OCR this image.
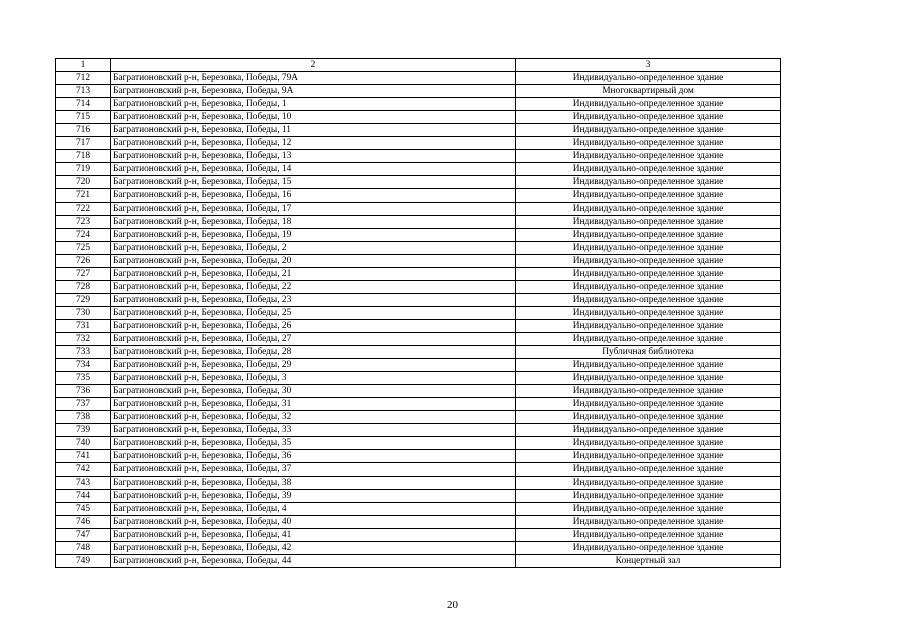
1	2	3
712	Багратионовский р-н, Березовка, Победы, 79А	Индивидуально-определенное здание
713	Багратионовский р-н, Березовка, Победы, 9А	Многоквартирный дом
714	Багратионовский р-н, Березовка, Победы, 1	Индивидуально-определенное здание
715	Багратионовский р-н, Березовка, Победы, 10	Индивидуально-определенное здание
716	Багратионовский р-н, Березовка, Победы, 11	Индивидуально-определенное здание
717	Багратионовский р-н, Березовка, Победы, 12	Индивидуально-определенное здание
718	Багратионовский р-н, Березовка, Победы, 13	Индивидуально-определенное здание
719	Багратионовский р-н, Березовка, Победы, 14	Индивидуально-определенное здание
720	Багратионовский р-н, Березовка, Победы, 15	Индивидуально-определенное здание
721	Багратионовский р-н, Березовка, Победы, 16	Индивидуально-определенное здание
722	Багратионовский р-н, Березовка, Победы, 17	Индивидуально-определенное здание
723	Багратионовский р-н, Березовка, Победы, 18	Индивидуально-определенное здание
724	Багратионовский р-н, Березовка, Победы, 19	Индивидуально-определенное здание
725	Багратионовский р-н, Березовка, Победы, 2	Индивидуально-определенное здание
726	Багратионовский р-н, Березовка, Победы, 20	Индивидуально-определенное здание
727	Багратионовский р-н, Березовка, Победы, 21	Индивидуально-определенное здание
728	Багратионовский р-н, Березовка, Победы, 22	Индивидуально-определенное здание
729	Багратионовский р-н, Березовка, Победы, 23	Индивидуально-определенное здание
730	Багратионовский р-н, Березовка, Победы, 25	Индивидуально-определенное здание
731	Багратионовский р-н, Березовка, Победы, 26	Индивидуально-определенное здание
732	Багратионовский р-н, Березовка, Победы, 27	Индивидуально-определенное здание
733	Багратионовский р-н, Березовка, Победы, 28	Публичная библиотека
734	Багратионовский р-н, Березовка, Победы, 29	Индивидуально-определенное здание
735	Багратионовский р-н, Березовка, Победы, 3	Индивидуально-определенное здание
736	Багратионовский р-н, Березовка, Победы, 30	Индивидуально-определенное здание
737	Багратионовский р-н, Березовка, Победы, 31	Индивидуально-определенное здание
738	Багратионовский р-н, Березовка, Победы, 32	Индивидуально-определенное здание
739	Багратионовский р-н, Березовка, Победы, 33	Индивидуально-определенное здание
740	Багратионовский р-н, Березовка, Победы, 35	Индивидуально-определенное здание
741	Багратионовский р-н, Березовка, Победы, 36	Индивидуально-определенное здание
742	Багратионовский р-н, Березовка, Победы, 37	Индивидуально-определенное здание
743	Багратионовский р-н, Березовка, Победы, 38	Индивидуально-определенное здание
744	Багратионовский р-н, Березовка, Победы, 39	Индивидуально-определенное здание
745	Багратионовский р-н, Березовка, Победы, 4	Индивидуально-определенное здание
746	Багратионовский р-н, Березовка, Победы, 40	Индивидуально-определенное здание
747	Багратионовский р-н, Березовка, Победы, 41	Индивидуально-определенное здание
748	Багратионовский р-н, Березовка, Победы, 42	Индивидуально-определенное здание
749	Багратионовский р-н, Березовка, Победы, 44	Концертный зал
20
